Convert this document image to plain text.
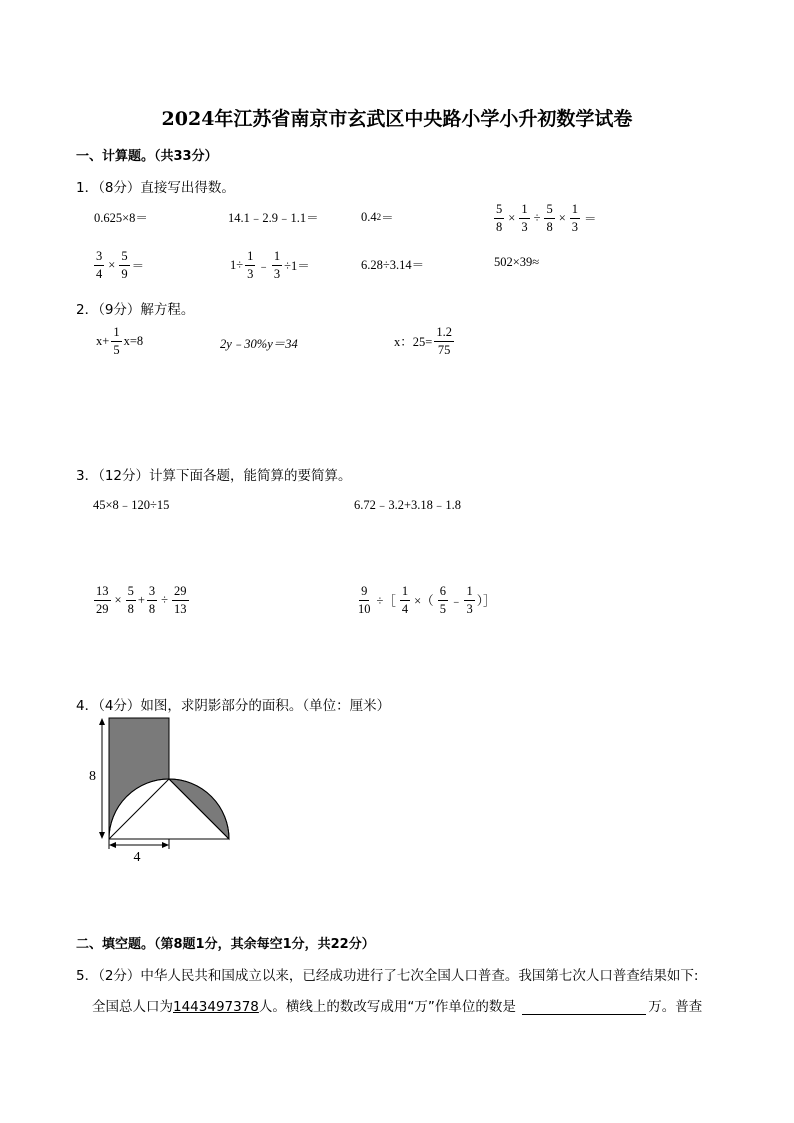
2024年江苏省南京市玄武区中央路小学小升初数学试卷
一、计算题。（共33分）
1．（8分）直接写出得数。
0.625×8＝	14.1﹣2.9﹣1.1＝	0.4 2 ＝	$\frac{5}{8} \times \frac{1}{3} \div \frac{5}{8} \times \frac{1}{3}$ ＝
$\frac{3}{4} \times \frac{5}{9}$ ＝	$1\div \frac{1}{3}$ ﹣ $\frac{1}{3} \div 1=$	6.28÷3.14＝	502×39≈
2．（9分）解方程。
$x+ \frac{1}{5} x=8$	2y﹣30%y＝34	x：$25= \frac{1.2}{75}$
3．（12分）计算下面各题，能简算的要简算。
45×8﹣120÷15	6.72﹣3.2+3.18﹣1.8
$\frac{13}{29} \times \frac{5}{8} + \frac{3}{8} \div \frac{29}{13}$	$\frac{9}{10}$ ÷［ $\frac{1}{4}$ ×（ $\frac{6}{5}$ ﹣ $\frac{1}{3}$ ）］
4．（4分）如图，求阴影部分的面积。（单位：厘米）
8
4
二、填空题。（第8题1分，其余每空1分，共22分）
5．（2分）中华人民共和国成立以来，已经成功进行了七次全国人口普查。我国第七次人口普查结果如下:
全国总人口为1443497378人。横线上的数改写成用“万”作单位的数是	万。普查
